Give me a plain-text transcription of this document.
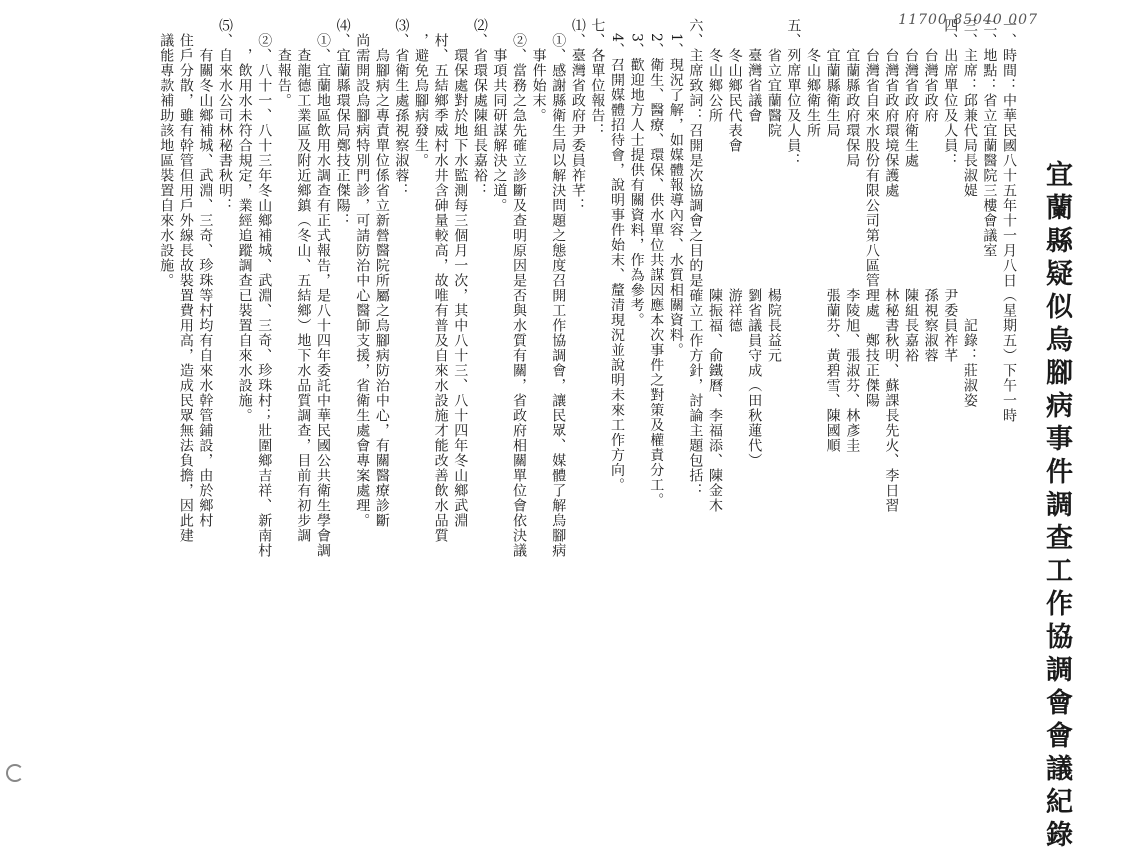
11700 85040 007
宜蘭縣疑似烏腳病事件調查工作協調會會議紀錄
一、時間：中華民國八十五年十一月八日（星期五）下午一時
二、地點：省立宜蘭醫院三樓會議室
三、主席：邱兼代局長淑媞　　　　　　　　記錄：莊淑姿
四、出席單位及人員：　　　　　　　　尹委員祚芊
　　台灣省政府　　　　　　　　　　　孫視察淑蓉
　　台灣省政府衛生處　　　　　　　　陳組長嘉裕
　　台灣省政府環境保護處　　　　　　林秘書秋明、蘇課長先火、李日習
　　台灣省自來水股份有限公司第八區管理處　鄭技正傑陽
　　宜蘭縣政府環保局　　　　　　　　李陵旭、張淑芬、林彥圭
　　宜蘭縣衛生局　　　　　　　　　　張蘭芬、黃碧雪、陳國順
　　冬山鄉衛生所
五、列席單位及人員：
　　省立宜蘭醫院　　　　　　　　　　楊院長益元
　　臺灣省議會　　　　　　　　　　　劉省議員守成（田秋蓮代）
　　冬山鄉民代表會　　　　　　　　　游祥德
　　冬山鄉公所　　　　　　　　　　　陳振福、俞鐵曆、李福添、陳金木
六、主席致詞：召開是次協調會之目的是確立工作方針，討論主題包括：
　1、現況了解，如媒體報導內容、水質相關資料。
　2、衛生、醫療、環保、供水單位共謀因應本次事件之對策及權責分工。
　3、歡迎地方人士提供有關資料，作為參考。
　4、召開媒體招待會，說明事件始末、釐清現況並說明未來工作方向。
七、各單位報告：
⑴、臺灣省政府尹委員祚芊：
　①、感謝縣衛生局以解決問題之態度召開工作協調會，讓民眾、媒體了解烏腳病
　　事件始末。
　②、當務之急先確立診斷及查明原因是否與水質有關，省政府相關單位會依決議
　　事項共同研謀解決之道。
⑵、省環保處陳組長嘉裕：
　　環保處對於地下水監測每三個月一次，其中八十三、八十四年冬山鄉武淵
　村、五結鄉季威村水井含砷量較高，故唯有普及自來水設施才能改善飲水品質
　，避免烏腳病發生。
⑶、省衛生處孫視察淑蓉：
　　烏腳病之專責單位係省立新營醫院所屬之烏腳病防治中心，有關醫療診斷
　尚需開設烏腳病特別門診，可請防治中心醫師支援，省衛生處會專案處理。
⑷、宜蘭縣環保局鄭技正傑陽：
　①、宜蘭地區飲用水調查有正式報告，是八十四年委託中華民國公共衛生學會調
　　查龍德工業區及附近鄉鎮（冬山、五結鄉）地下水品質調查，目前有初步調
　　查報告。
　②、八十一、八十三年冬山鄉補城、武淵、三奇、珍珠村；壯圍鄉吉祥、新南村
　　，飲用水未符合規定，業經追蹤調查已裝置自來水設施。
⑸、自來水公司林秘書秋明：
　　有關冬山鄉補城、武淵、三奇、珍珠等村均有自來水幹管鋪設，由於鄉村
　住戶分散，雖有幹管但用戶外線長故裝置費用高，造成民眾無法負擔，因此建
　議能專款補助該地區裝置自來水設施。
